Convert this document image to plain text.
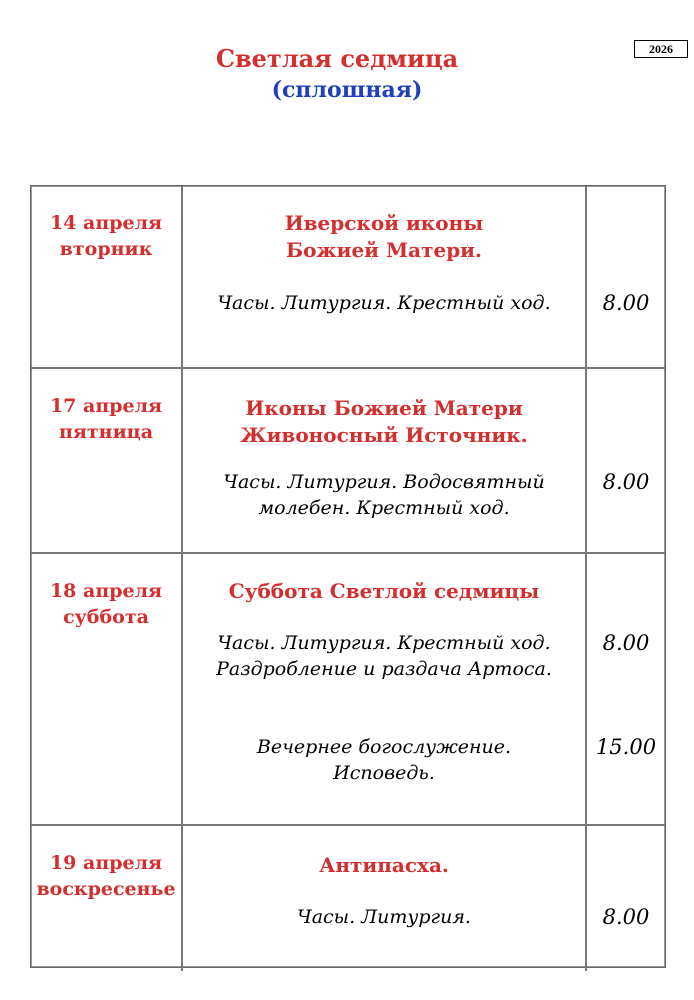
2026
Светлая седмица
(сплошная)
14 апреля
вторник
Иверской иконы Божией Матери.
Часы. Литургия. Крестный ход.	8.00
17 апреля
пятница
Иконы Божией Матери Живоносный Источник.
Часы. Литургия. Водосвятный молебен. Крестный ход.
8.00
18 апреля
суббота
Суббота Светлой седмицы
Часы. Литургия. Крестный ход. Раздробление и раздача Артоса.
Вечернее богослужение. Исповедь.
8.00
15.00
19 апреля
воскресенье
Антипасха.
Часы. Литургия.	8.00
